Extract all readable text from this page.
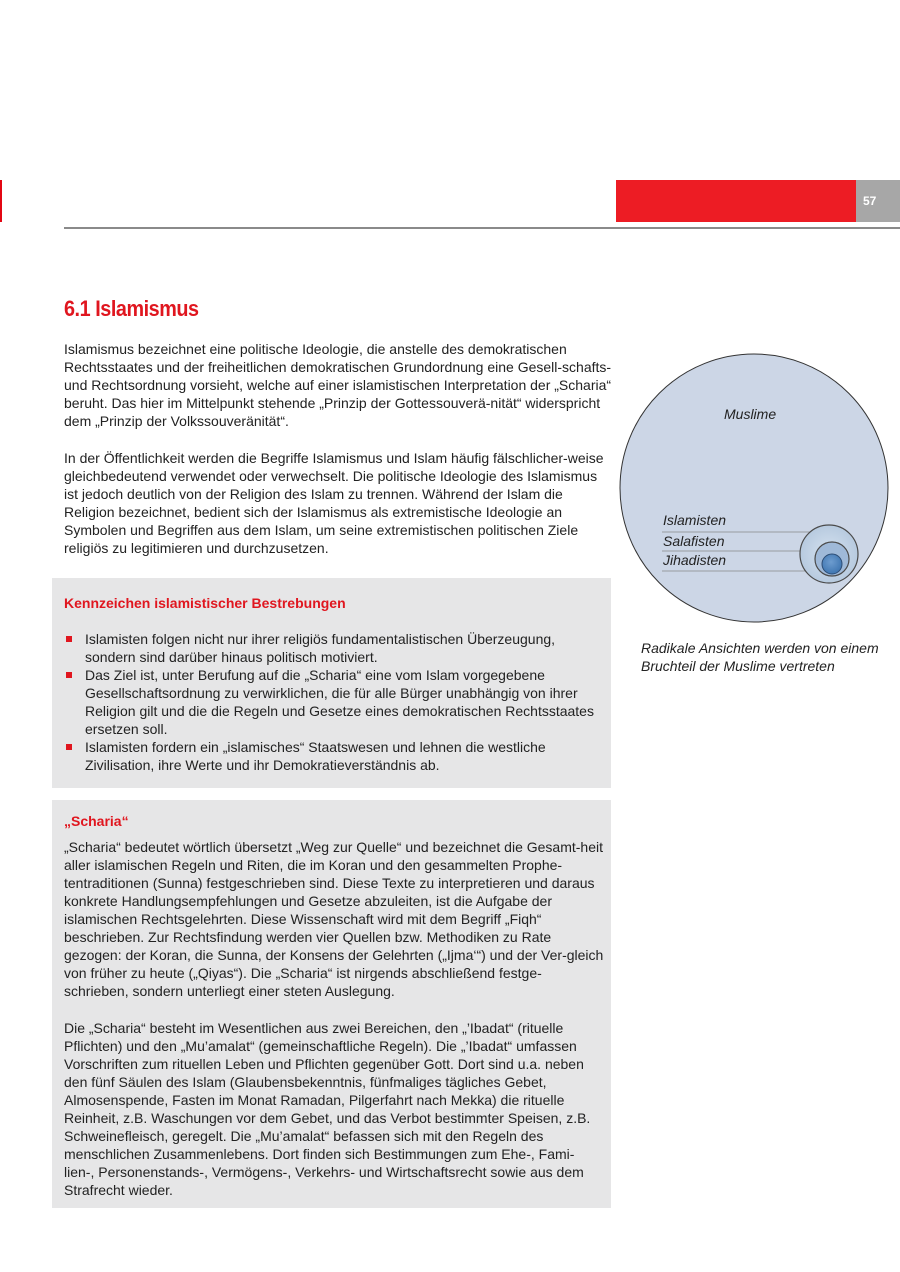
57
6.1 Islamismus

Islamismus bezeichnet eine politische Ideologie, die anstelle des demokratischen Rechtsstaates und der freiheitlichen demokratischen Grundordnung eine Gesell-schafts- und Rechtsordnung vorsieht, welche auf einer islamistischen Interpretation der „Scharia“ beruht. Das hier im Mittelpunkt stehende „Prinzip der Gottessouverä-nität“ widerspricht dem „Prinzip der Volkssouveränität“.

In der Öffentlichkeit werden die Begriffe Islamismus und Islam häufig fälschlicher-weise gleichbedeutend verwendet oder verwechselt. Die politische Ideologie des Islamismus ist jedoch deutlich von der Religion des Islam zu trennen. Während der Islam die Religion bezeichnet, bedient sich der Islamismus als extremistische Ideologie an Symbolen und Begriffen aus dem Islam, um seine extremistischen politischen Ziele religiös zu legitimieren und durchzusetzen.

Kennzeichen islamistischer Bestrebungen
Islamisten folgen nicht nur ihrer religiös fundamentalistischen Überzeugung, sondern sind darüber hinaus politisch motiviert.
Das Ziel ist, unter Berufung auf die „Scharia“ eine vom Islam vorgegebene Gesellschaftsordnung zu verwirklichen, die für alle Bürger unabhängig von ihrer Religion gilt und die die Regeln und Gesetze eines demokratischen Rechtsstaates ersetzen soll.
Islamisten fordern ein „islamisches“ Staatswesen und lehnen die westliche Zivilisation, ihre Werte und ihr Demokratieverständnis ab.
„Scharia“

„Scharia“ bedeutet wörtlich übersetzt „Weg zur Quelle“ und bezeichnet die Gesamt-heit aller islamischen Regeln und Riten, die im Koran und den gesammelten Prophe-tentraditionen (Sunna) festgeschrieben sind. Diese Texte zu interpretieren und daraus konkrete Handlungsempfehlungen und Gesetze abzuleiten, ist die Aufgabe der islamischen Rechtsgelehrten. Diese Wissenschaft wird mit dem Begriff „Fiqh“ beschrieben. Zur Rechtsfindung werden vier Quellen bzw. Methodiken zu Rate gezogen: der Koran, die Sunna, der Konsens der Gelehrten („Ijma‘“) und der Ver-gleich von früher zu heute („Qiyas“). Die „Scharia“ ist nirgends abschließend festge-schrieben, sondern unterliegt einer steten Auslegung.

Die „Scharia“ besteht im Wesentlichen aus zwei Bereichen, den „’Ibadat“ (rituelle Pflichten) und den „Mu’amalat“ (gemeinschaftliche Regeln). Die „’Ibadat“ umfassen Vorschriften zum rituellen Leben und Pflichten gegenüber Gott. Dort sind u.a. neben den fünf Säulen des Islam (Glaubensbekenntnis, fünfmaliges tägliches Gebet, Almosenspende, Fasten im Monat Ramadan, Pilgerfahrt nach Mekka) die rituelle Reinheit, z.B. Waschungen vor dem Gebet, und das Verbot bestimmter Speisen, z.B. Schweinefleisch, geregelt. Die „Mu’amalat“ befassen sich mit den Regeln des menschlichen Zusammenlebens. Dort finden sich Bestimmungen zum Ehe-, Fami-lien-, Personenstands-, Vermögens-, Verkehrs- und Wirtschaftsrecht sowie aus dem Strafrecht wieder.

Muslime
Islamisten
Salafisten
Jihadisten

Radikale Ansichten werden von einem Bruchteil der Muslime vertreten
